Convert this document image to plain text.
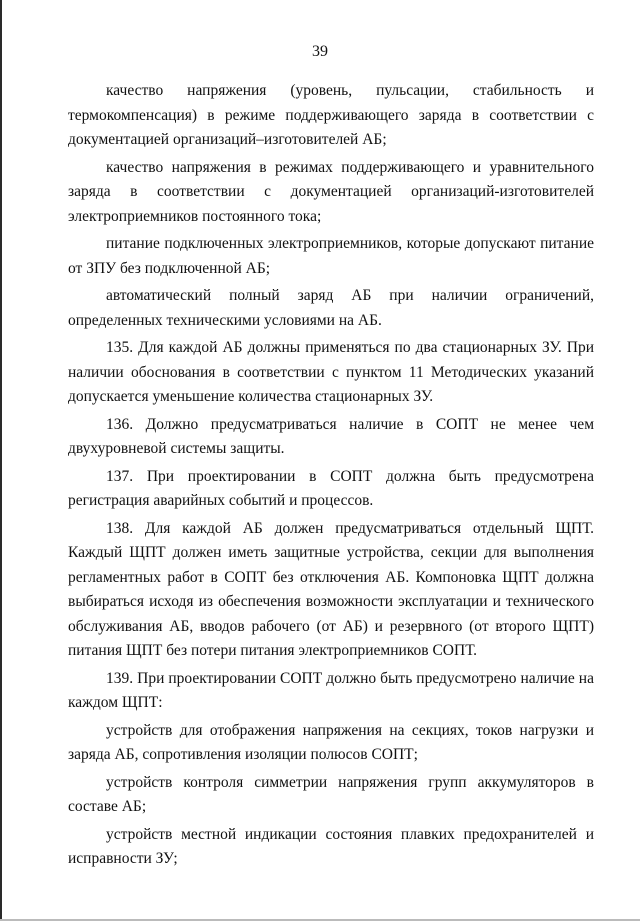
39

качество напряжения (уровень, пульсации, стабильность и термокомпенсация) в режиме поддерживающего заряда в соответствии с документацией организаций–изготовителей АБ;

качество напряжения в режимах поддерживающего и уравнительного заряда в соответствии с документацией организаций-изготовителей электроприемников постоянного тока;

питание подключенных электроприемников, которые допускают питание от ЗПУ без подключенной АБ;

автоматический полный заряд АБ при наличии ограничений, определенных техническими условиями на АБ.

135. Для каждой АБ должны применяться по два стационарных ЗУ. При наличии обоснования в соответствии с пунктом 11 Методических указаний допускается уменьшение количества стационарных ЗУ.

136. Должно предусматриваться наличие в СОПТ не менее чем двухуровневой системы защиты.

137. При проектировании в СОПТ должна быть предусмотрена регистрация аварийных событий и процессов.

138. Для каждой АБ должен предусматриваться отдельный ЩПТ. Каждый ЩПТ должен иметь защитные устройства, секции для выполнения регламентных работ в СОПТ без отключения АБ. Компоновка ЩПТ должна выбираться исходя из обеспечения возможности эксплуатации и технического обслуживания АБ, вводов рабочего (от АБ) и резервного (от второго ЩПТ) питания ЩПТ без потери питания электроприемников СОПТ.

139. При проектировании СОПТ должно быть предусмотрено наличие на каждом ЩПТ:

устройств для отображения напряжения на секциях, токов нагрузки и заряда АБ, сопротивления изоляции полюсов СОПТ;

устройств контроля симметрии напряжения групп аккумуляторов в составе АБ;

устройств местной индикации состояния плавких предохранителей и исправности ЗУ;
